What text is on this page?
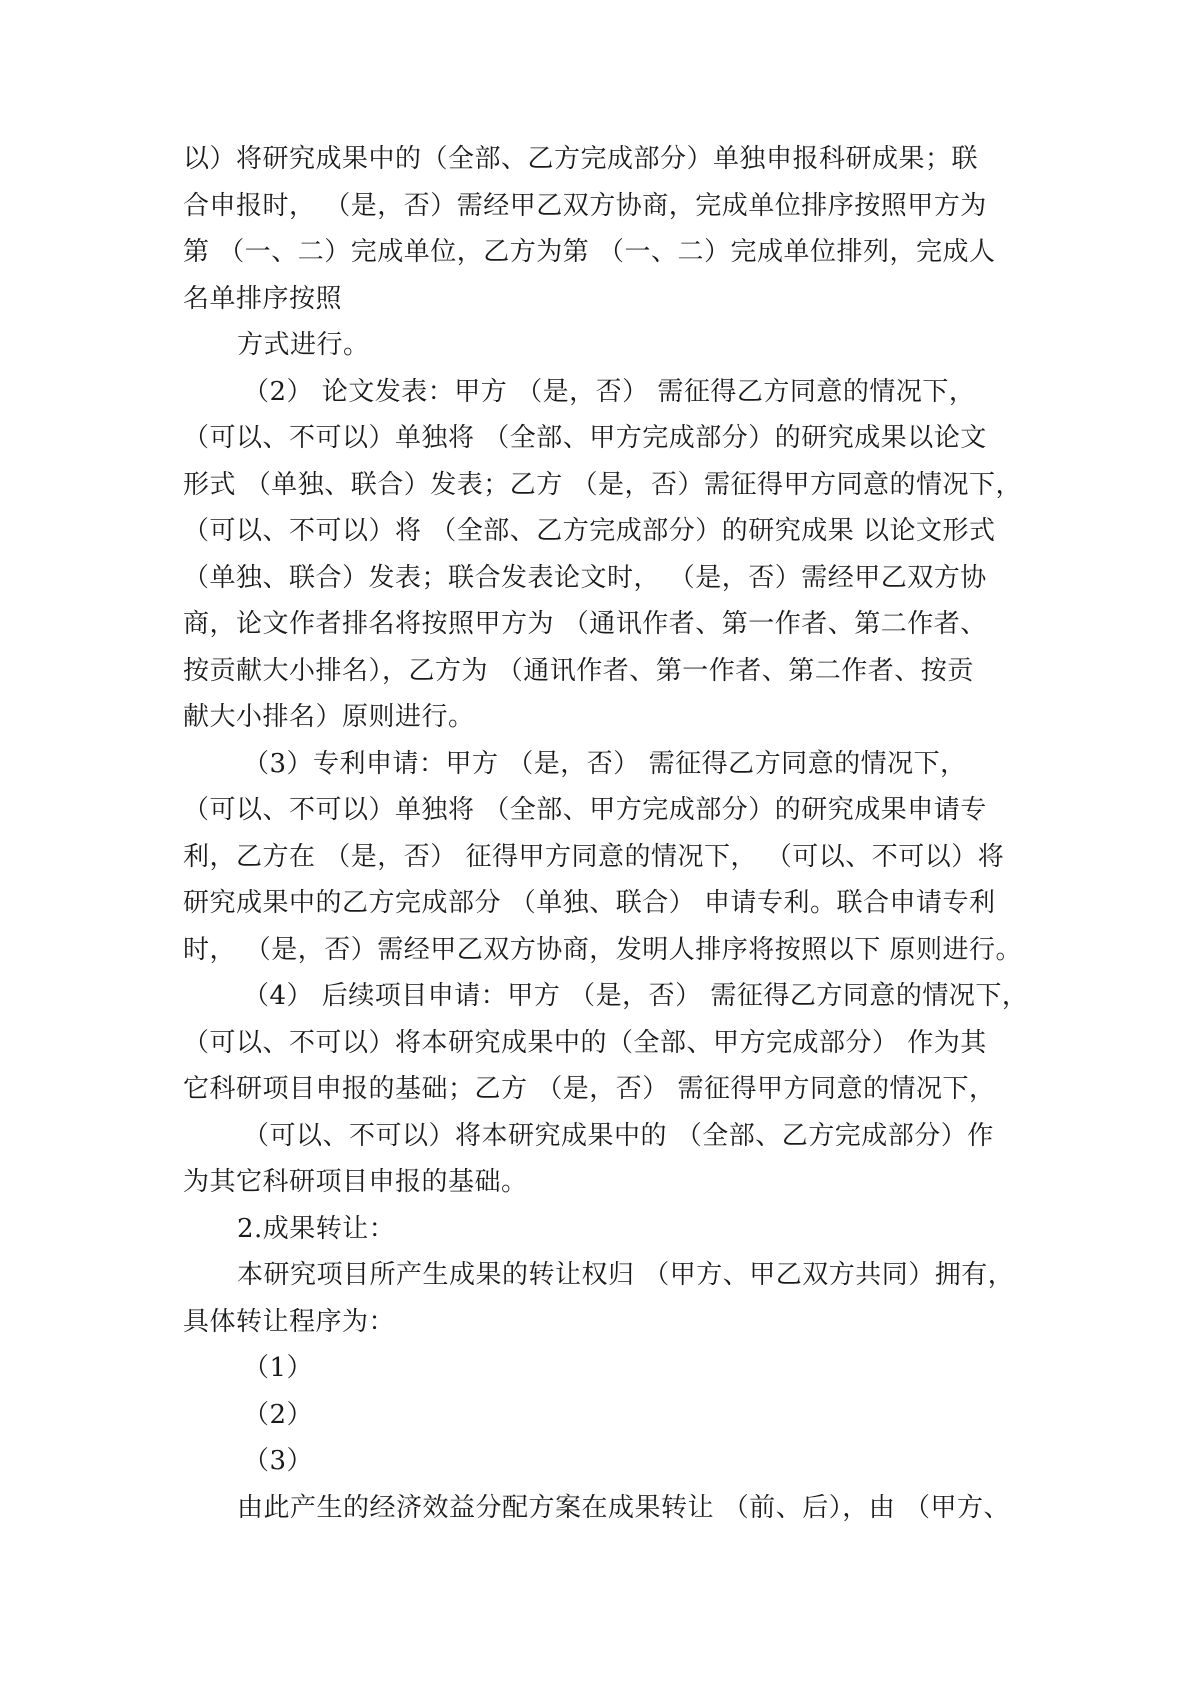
以）将研究成果中的（全部、乙方完成部分）单独申报科研成果；联
合申报时， （是，否）需经甲乙双方协商，完成单位排序按照甲方为
第 （一、二）完成单位，乙方为第 （一、二）完成单位排列，完成人
名单排序按照
方式进行。
（2） 论文发表：甲方 （是，否） 需征得乙方同意的情况下，
（可以、不可以）单独将 （全部、甲方完成部分）的研究成果以论文
形式 （单独、联合）发表；乙方 （是，否）需征得甲方同意的情况下，
（可以、不可以）将 （全部、乙方完成部分）的研究成果 以论文形式
（单独、联合）发表；联合发表论文时， （是，否）需经甲乙双方协
商，论文作者排名将按照甲方为 （通讯作者、第一作者、第二作者、
按贡献大小排名），乙方为 （通讯作者、第一作者、第二作者、按贡
献大小排名）原则进行。
（3）专利申请：甲方 （是，否） 需征得乙方同意的情况下，
（可以、不可以）单独将 （全部、甲方完成部分）的研究成果申请专
利，乙方在 （是，否） 征得甲方同意的情况下， （可以、不可以）将
研究成果中的乙方完成部分 （单独、联合） 申请专利。联合申请专利
时， （是，否）需经甲乙双方协商，发明人排序将按照以下 原则进行。
（4） 后续项目申请：甲方 （是，否） 需征得乙方同意的情况下，
（可以、不可以）将本研究成果中的（全部、甲方完成部分） 作为其
它科研项目申报的基础；乙方 （是，否） 需征得甲方同意的情况下，
（可以、不可以）将本研究成果中的 （全部、乙方完成部分）作
为其它科研项目申报的基础。
2.成果转让：
本研究项目所产生成果的转让权归 （甲方、甲乙双方共同）拥有，
具体转让程序为：
（1）
（2）
（3）
由此产生的经济效益分配方案在成果转让 （前、后），由 （甲方、
